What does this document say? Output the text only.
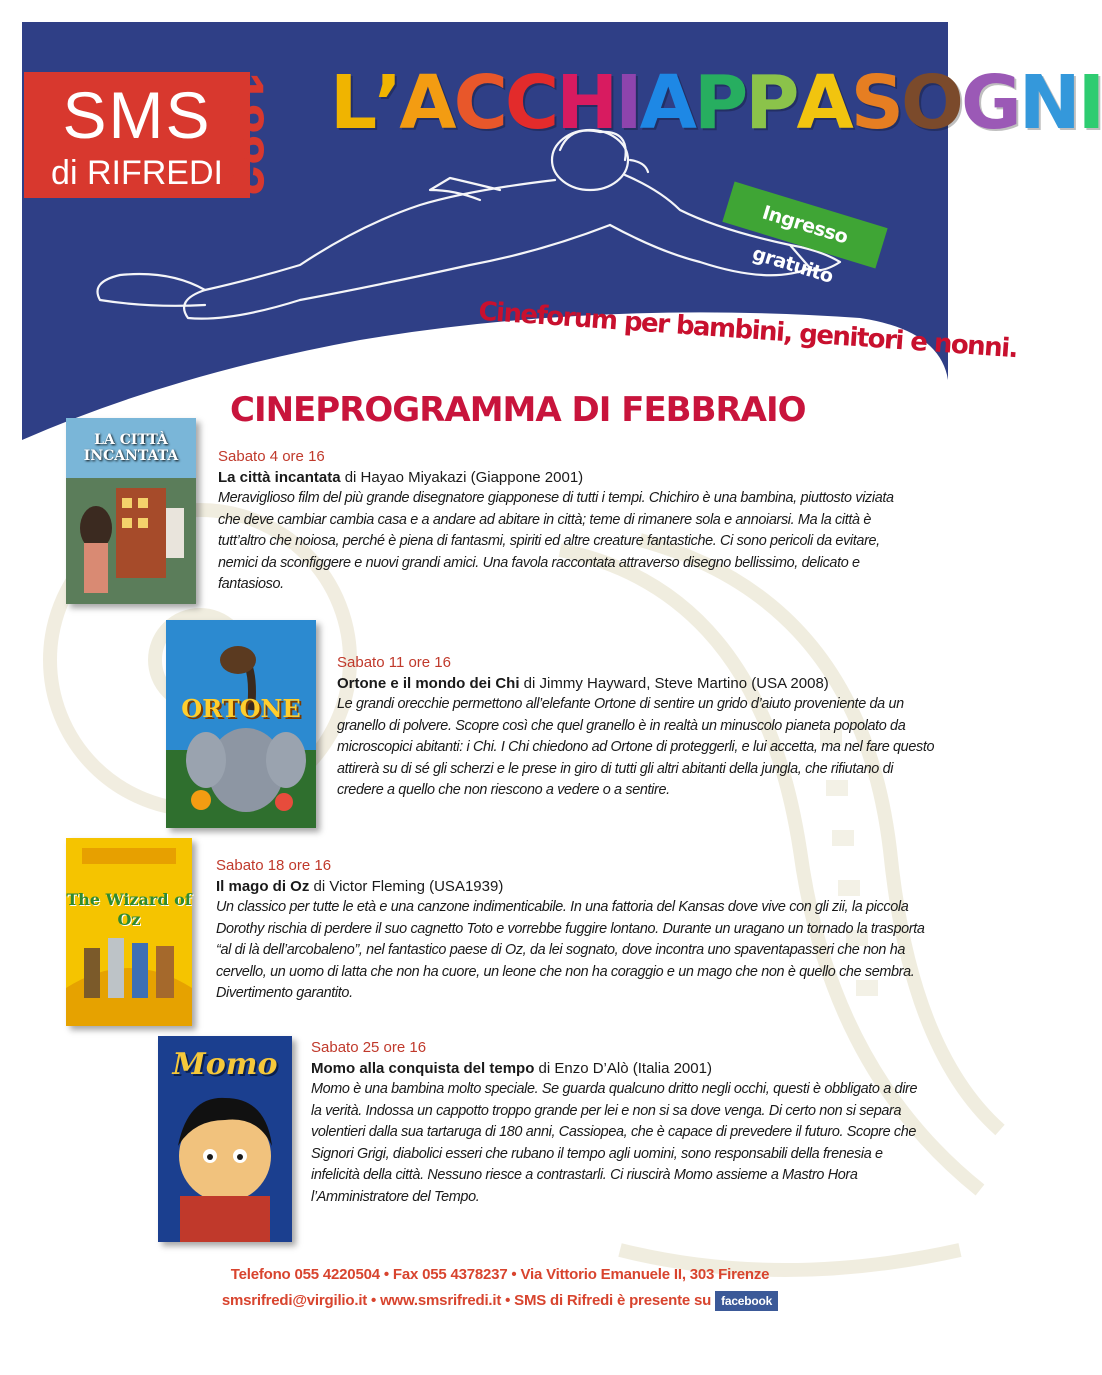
SMS
di RIFREDI
1883 L’ACCHIAPPASOGNI
Ingresso gratuito
Cineforum per bambini, genitori e nonni.
CINEPROGRAMMA DI FEBBRAIO
LA CITTÀ INCANTATA	Sabato 4 ore 16
La città incantata di Hayao Miyakazi (Giappone 2001)
Meraviglioso film del più grande disegnatore giapponese di tutti i tempi. Chichiro è una bambina, piuttosto viziata che deve cambiar cambia casa e a andare ad abitare in città; teme di rimanere sola e annoiarsi. Ma la città è tutt’altro che noiosa, perché è piena di fantasmi, spiriti ed altre creature fantastiche. Ci sono pericoli da evitare, nemici da sconfiggere e nuovi grandi amici. Una favola raccontata attraverso disegno bellissimo, delicato e fantasioso.
ORTONE
Sabato 11 ore 16
Ortone e il mondo dei Chi di Jimmy Hayward, Steve Martino (USA 2008)
Le grandi orecchie permettono all’elefante Ortone di sentire un grido d’aiuto proveniente da un granello di polvere. Scopre così che quel granello è in realtà un minuscolo pianeta popolato da microscopici abitanti: i Chi. I Chi chiedono ad Ortone di proteggerli, e lui accetta, ma nel fare questo attirerà su di sé gli scherzi e le prese in giro di tutti gli altri abitanti della jungla, che rifiutano di credere a quello che non riescono a vedere o a sentire.
The Wizard of Oz
Sabato 18 ore 16
Il mago di Oz di Victor Fleming (USA1939)
Un classico per tutte le età e una canzone indimenticabile. In una fattoria del Kansas dove vive con gli zii, la piccola Dorothy rischia di perdere il suo cagnetto Toto e vorrebbe fuggire lontano. Durante un uragano un tornado la trasporta “al di là dell’arcobaleno”, nel fantastico paese di Oz, da lei sognato, dove incontra uno spaventapasseri che non ha cervello, un uomo di latta che non ha cuore, un leone che non ha coraggio e un mago che non è quello che sembra. Divertimento garantito.
Momo	Sabato 25 ore 16
Momo alla conquista del tempo di Enzo D’Alò (Italia 2001)
Momo è una bambina molto speciale. Se guarda qualcuno dritto negli occhi, questi è obbligato a dire la verità. Indossa un cappotto troppo grande per lei e non si sa dove venga. Di certo non si separa volentieri dalla sua tartaruga di 180 anni, Cassiopea, che è capace di prevedere il futuro. Scopre che Signori Grigi, diabolici esseri che rubano il tempo agli uomini, sono responsabili della frenesia e infelicità della città. Nessuno riesce a contrastarli. Ci riuscirà Momo assieme a Mastro Hora l’Amministratore del Tempo.
Telefono 055 4220504 • Fax 055 4378237 • Via Vittorio Emanuele II, 303 Firenze
smsrifredi@virgilio.it • www.smsrifredi.it • SMS di Rifredi è presente su facebook
